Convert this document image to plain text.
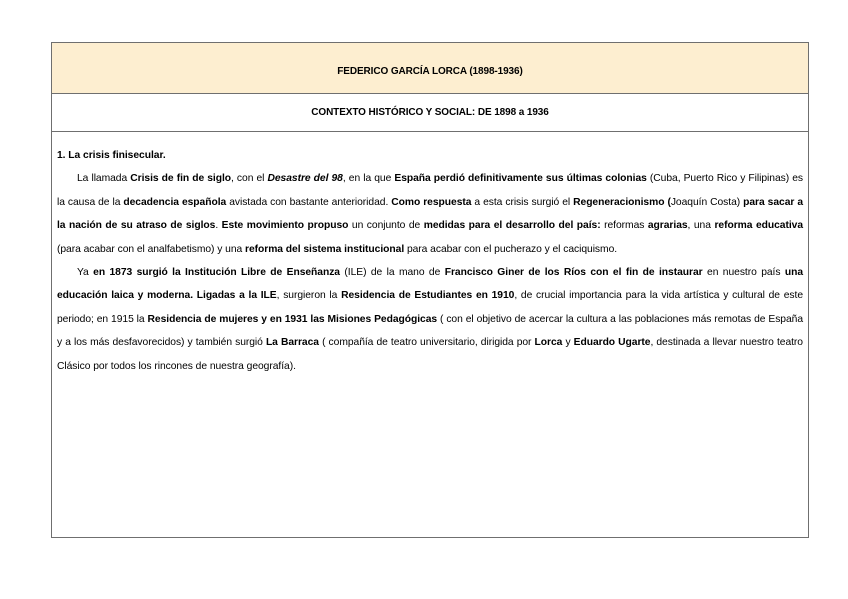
FEDERICO GARCÍA LORCA (1898-1936)
CONTEXTO HISTÓRICO Y SOCIAL: DE 1898 a 1936

1. La crisis finisecular.

La llamada Crisis de fin de siglo, con el Desastre del 98, en la que España perdió definitivamente sus últimas colonias (Cuba, Puerto Rico y Filipinas) es la causa de la decadencia española avistada con bastante anterioridad. Como respuesta a esta crisis surgió el Regeneracionismo (Joaquín Costa) para sacar a la nación de su atraso de siglos. Este movimiento propuso un conjunto de medidas para el desarrollo del país: reformas agrarias, una reforma educativa (para acabar con el analfabetismo) y una reforma del sistema institucional para acabar con el pucherazo y el caciquismo.

Ya en 1873 surgió la Institución Libre de Enseñanza (ILE) de la mano de Francisco Giner de los Ríos con el fin de instaurar en nuestro país una educación laica y moderna. Ligadas a la ILE, surgieron la Residencia de Estudiantes en 1910, de crucial importancia para la vida artística y cultural de este periodo; en 1915 la Residencia de mujeres y en 1931 las Misiones Pedagógicas ( con el objetivo de acercar la cultura a las poblaciones más remotas de España y a los más desfavorecidos) y también surgió La Barraca ( compañía de teatro universitario, dirigida por Lorca y Eduardo Ugarte, destinada a llevar nuestro teatro Clásico por todos los rincones de nuestra geografía).
